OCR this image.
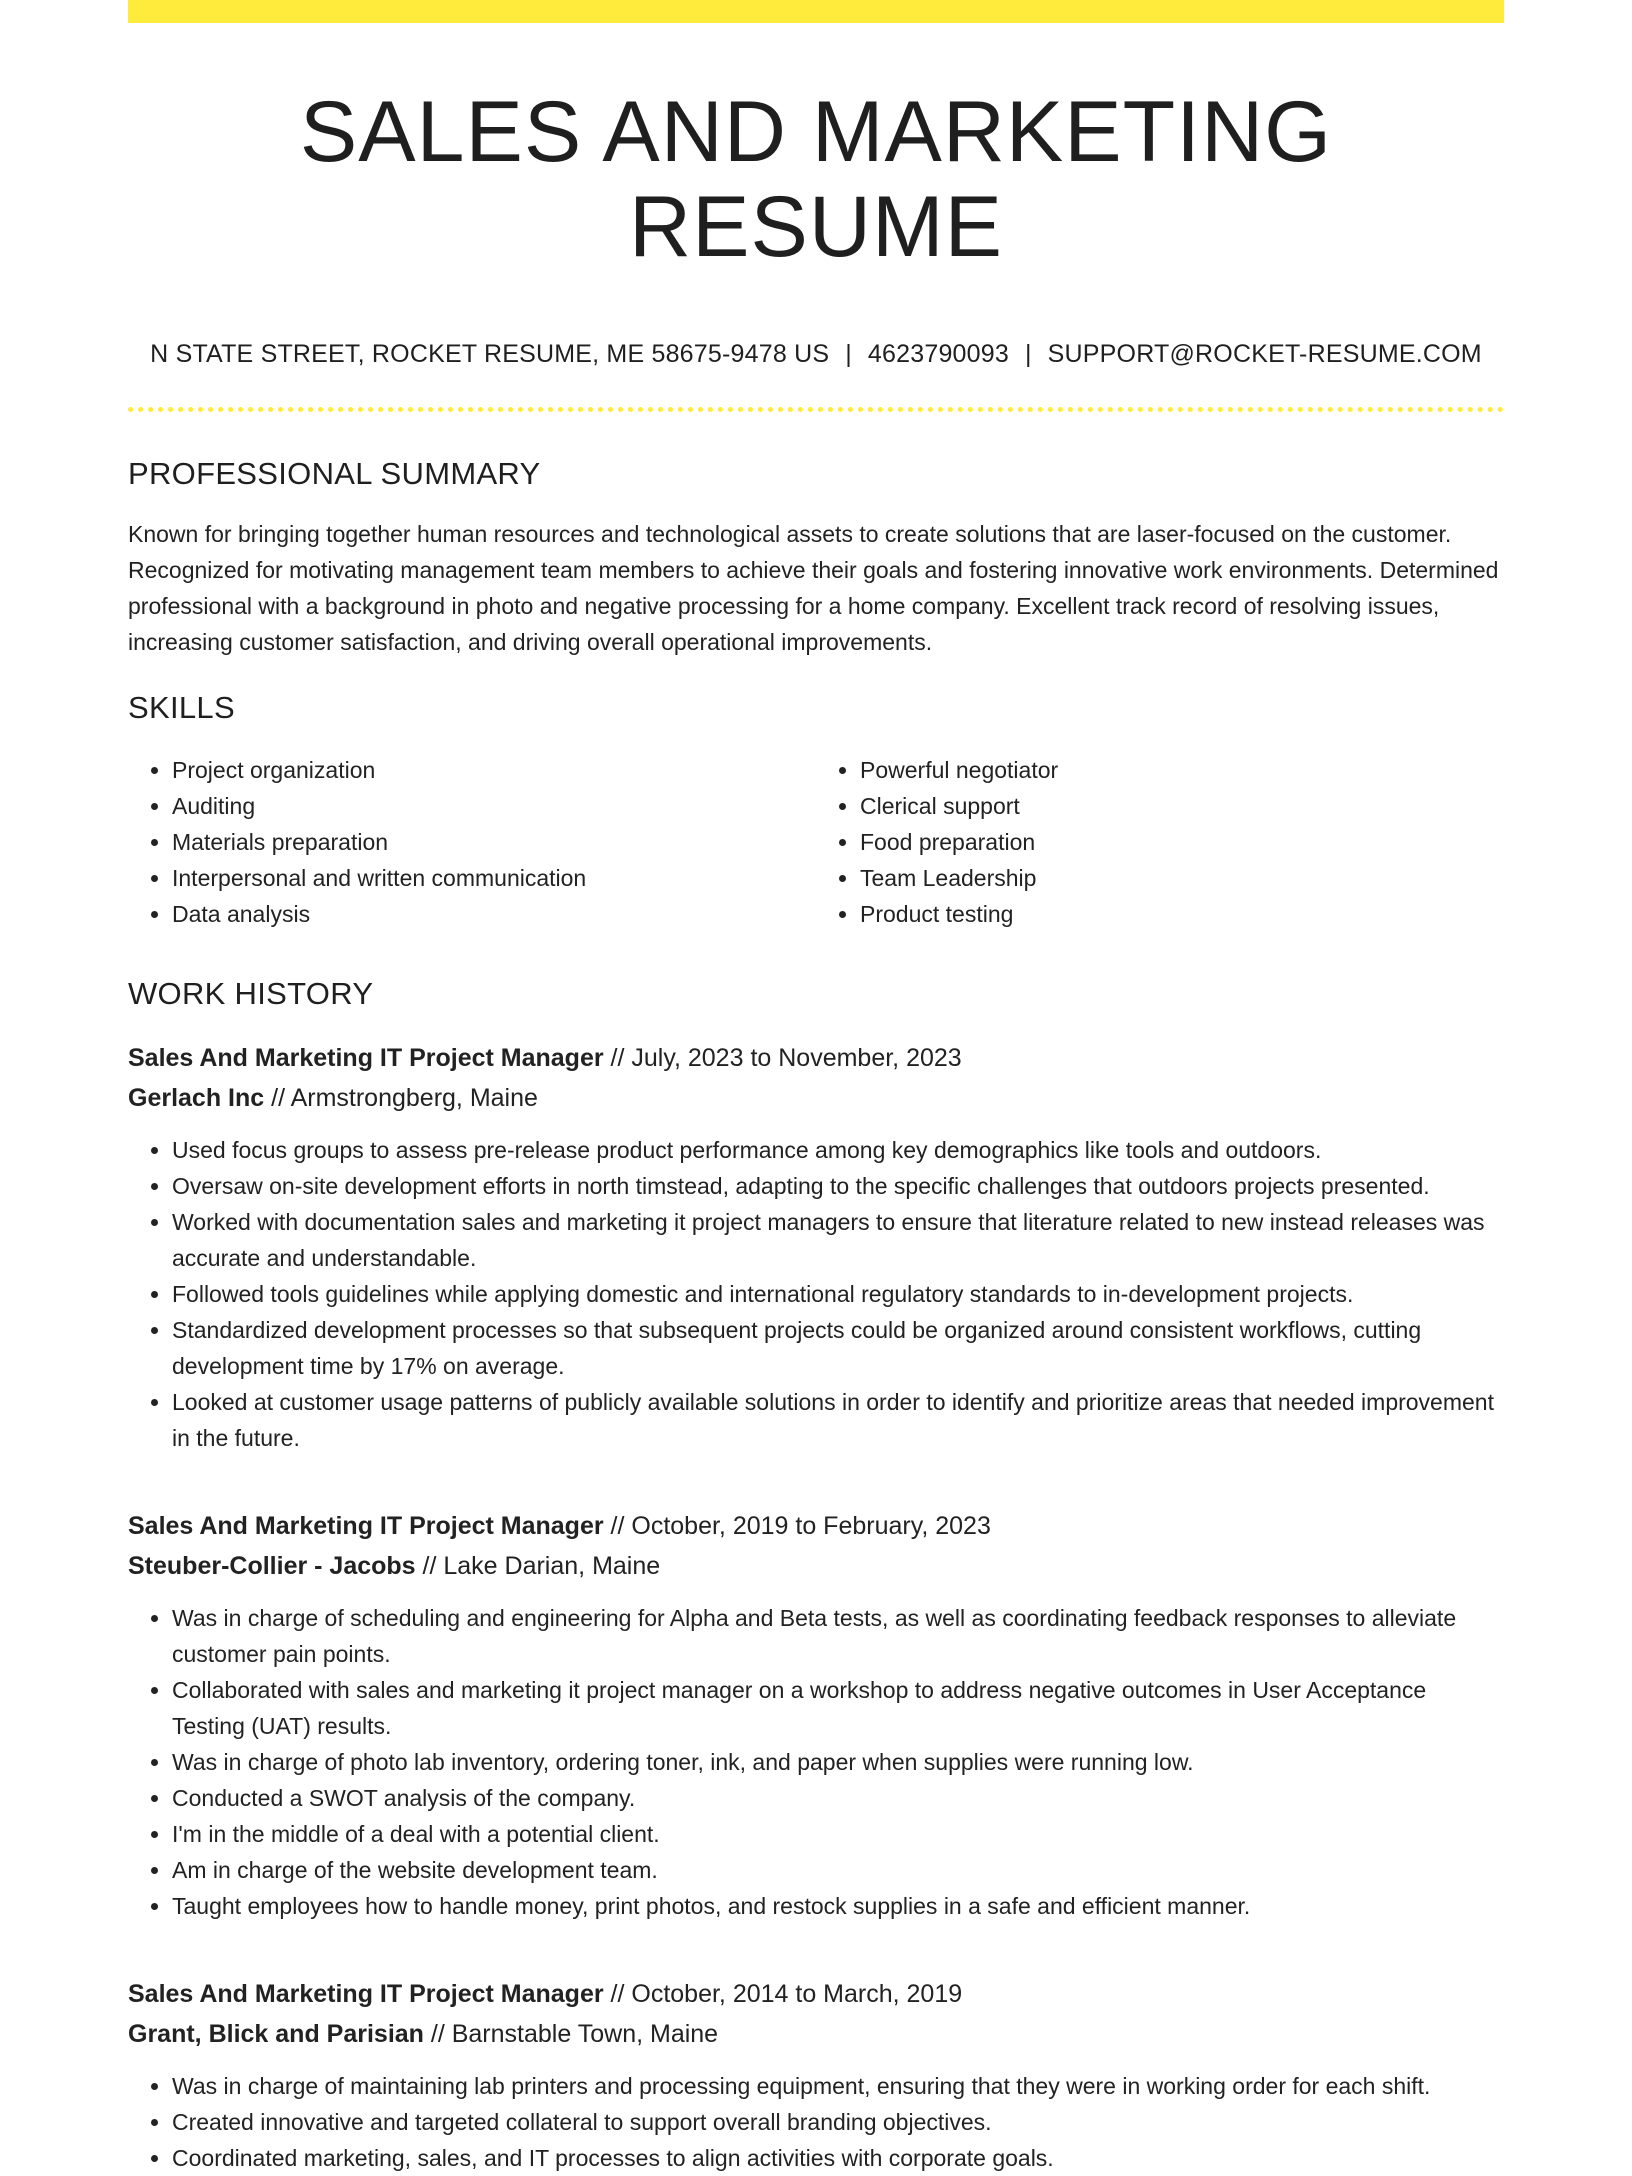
SALES AND MARKETING RESUME
N STATE STREET, ROCKET RESUME, ME 58675-9478 US | 4623790093 | SUPPORT@ROCKET-RESUME.COM
PROFESSIONAL SUMMARY

Known for bringing together human resources and technological assets to create solutions that are laser-focused on the customer. Recognized for motivating management team members to achieve their goals and fostering innovative work environments. Determined professional with a background in photo and negative processing for a home company. Excellent track record of resolving issues, increasing customer satisfaction, and driving overall operational improvements.

SKILLS
• Project organization
• Auditing
• Materials preparation
• Interpersonal and written communication
• Data analysis
• Powerful negotiator
• Clerical support
• Food preparation
• Team Leadership
• Product testing
WORK HISTORY
Sales And Marketing IT Project Manager // July, 2023 to November, 2023
Gerlach Inc // Armstrongberg, Maine
• Used focus groups to assess pre-release product performance among key demographics like tools and outdoors.
• Oversaw on-site development efforts in north timstead, adapting to the specific challenges that outdoors projects presented.
• Worked with documentation sales and marketing it project managers to ensure that literature related to new instead releases was accurate and understandable.
• Followed tools guidelines while applying domestic and international regulatory standards to in-development projects.
• Standardized development processes so that subsequent projects could be organized around consistent workflows, cutting development time by 17% on average.
• Looked at customer usage patterns of publicly available solutions in order to identify and prioritize areas that needed improvement in the future.
Sales And Marketing IT Project Manager // October, 2019 to February, 2023
Steuber-Collier - Jacobs // Lake Darian, Maine
• Was in charge of scheduling and engineering for Alpha and Beta tests, as well as coordinating feedback responses to alleviate customer pain points.
• Collaborated with sales and marketing it project manager on a workshop to address negative outcomes in User Acceptance Testing (UAT) results.
• Was in charge of photo lab inventory, ordering toner, ink, and paper when supplies were running low.
• Conducted a SWOT analysis of the company.
• I'm in the middle of a deal with a potential client.
• Am in charge of the website development team.
• Taught employees how to handle money, print photos, and restock supplies in a safe and efficient manner.
Sales And Marketing IT Project Manager // October, 2014 to March, 2019
Grant, Blick and Parisian // Barnstable Town, Maine
• Was in charge of maintaining lab printers and processing equipment, ensuring that they were in working order for each shift.
• Created innovative and targeted collateral to support overall branding objectives.
• Coordinated marketing, sales, and IT processes to align activities with corporate goals.
